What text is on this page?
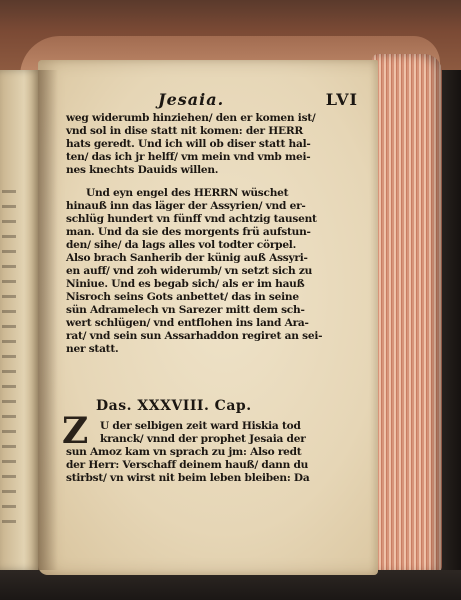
Jesaia.	LVI
weg widerumb hinziehen/ den er komen ist/
vnd sol in dise statt nit komen: der HERR
hats geredt. Und ich will ob diser statt hal-
ten/ das ich jr helff/ vm mein vnd vmb mei-
nes knechts Dauids willen.
Und eyn engel des HERRN wüschet
hinauß inn das läger der Assyrien/ vnd er-
schlüg hundert vn fünff vnd achtzig tausent
man. Und da sie des morgents frü aufstun-
den/ sihe/ da lags alles vol todter cörpel.
Also brach Sanherib der künig auß Assyri-
en auff/ vnd zoh widerumb/ vn setzt sich zu
Niniue. Und es begab sich/ als er im hauß
Nisroch seins Gots anbettet/ das in seine
sün Adramelech vn Sarezer mitt dem sch-
wert schlügen/ vnd entflohen ins land Ara-
rat/ vnd sein sun Assarhaddon regiret an sei-
ner statt.
U der selbigen zeit ward Hiskia tod
kranck/ vnnd der prophet Jesaia der
sun Amoz kam vn sprach zu jm: Also redt
der Herr: Verschaff deinem hauß/ dann du
stirbst/ vn wirst nit beim leben bleiben: Da
Das. XXXVIII. Cap.
Z
